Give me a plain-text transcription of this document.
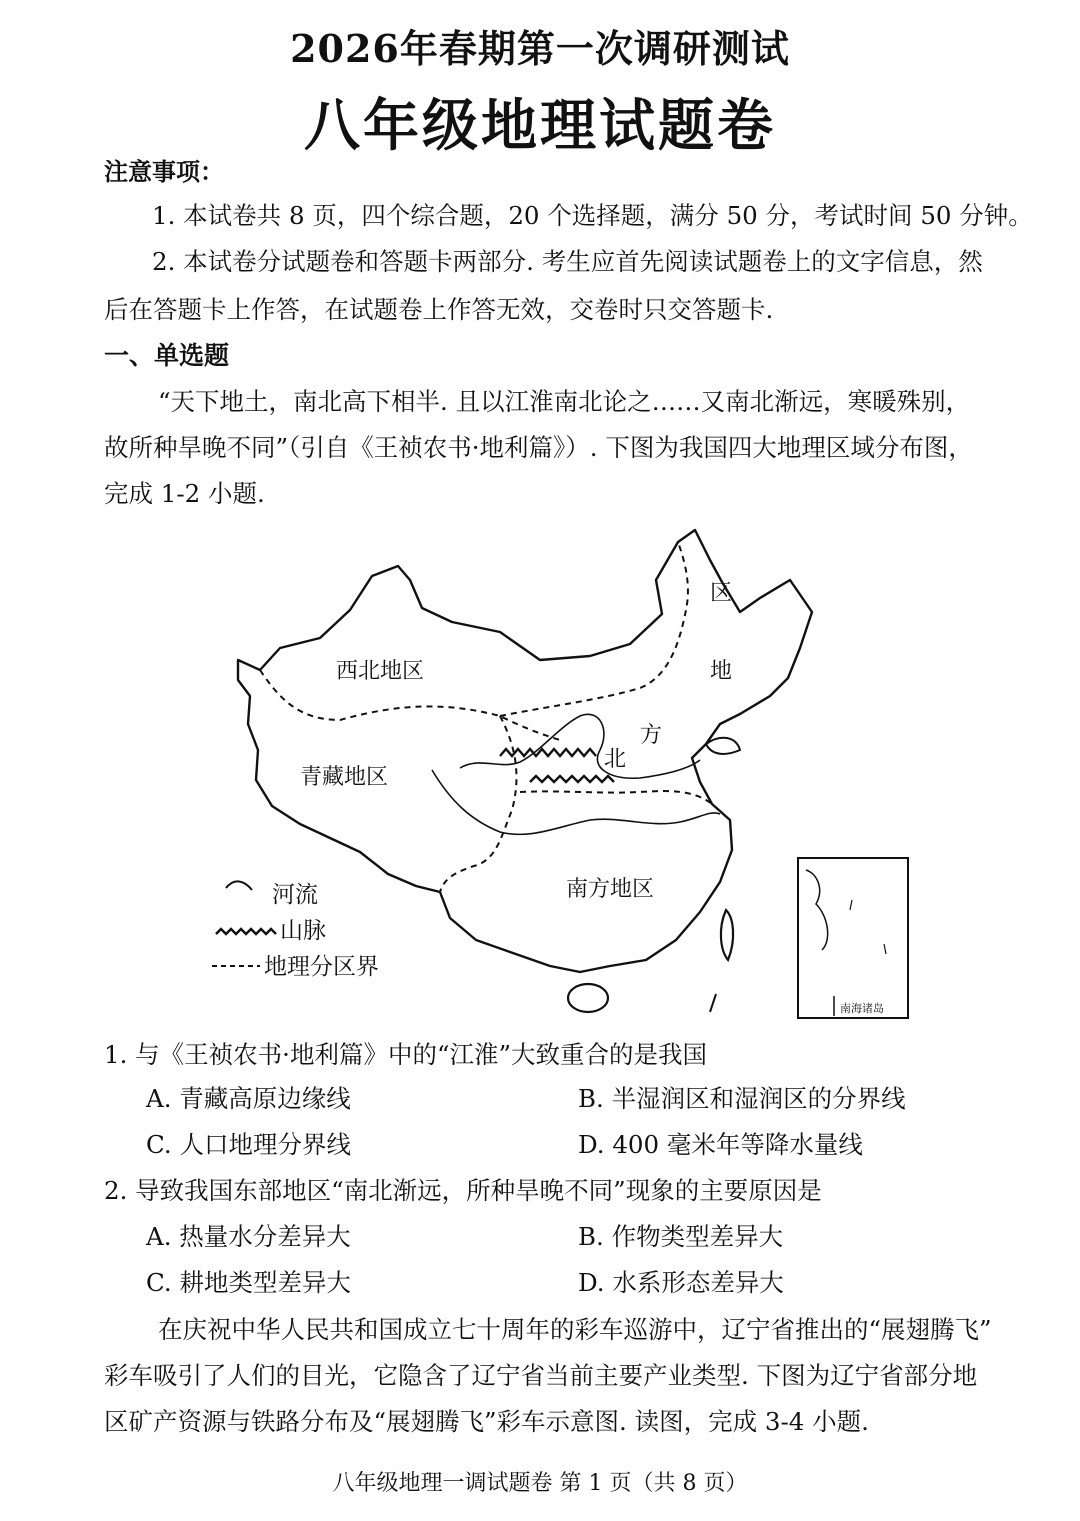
2026年春期第一次调研测试
八年级地理试题卷
注意事项：
1. 本试卷共 8 页，四个综合题，20 个选择题，满分 50 分，考试时间 50 分钟。
2. 本试卷分试题卷和答题卡两部分. 考生应首先阅读试题卷上的文字信息，然
后在答题卡上作答，在试题卷上作答无效，交卷时只交答题卡.
一、单选题
“天下地土，南北高下相半. 且以江淮南北论之……又南北渐远，寒暖殊别，
故所种旱晚不同”（引自《王祯农书·地利篇》）. 下图为我国四大地理区域分布图，
完成 1-2 小题.
西北地区
青藏地区
南方地区
北
方
地
区
河流
山脉
地理分区界
南海诸岛
1. 与《王祯农书·地利篇》中的“江淮”大致重合的是我国
A. 青藏高原边缘线	B. 半湿润区和湿润区的分界线
C. 人口地理分界线	D. 400 毫米年等降水量线
2. 导致我国东部地区“南北渐远，所种旱晚不同”现象的主要原因是
A. 热量水分差异大	B. 作物类型差异大
C. 耕地类型差异大	D. 水系形态差异大
在庆祝中华人民共和国成立七十周年的彩车巡游中，辽宁省推出的“展翅腾飞”
彩车吸引了人们的目光，它隐含了辽宁省当前主要产业类型. 下图为辽宁省部分地
区矿产资源与铁路分布及“展翅腾飞”彩车示意图. 读图，完成 3-4 小题.
八年级地理一调试题卷 第 1 页（共 8 页）
